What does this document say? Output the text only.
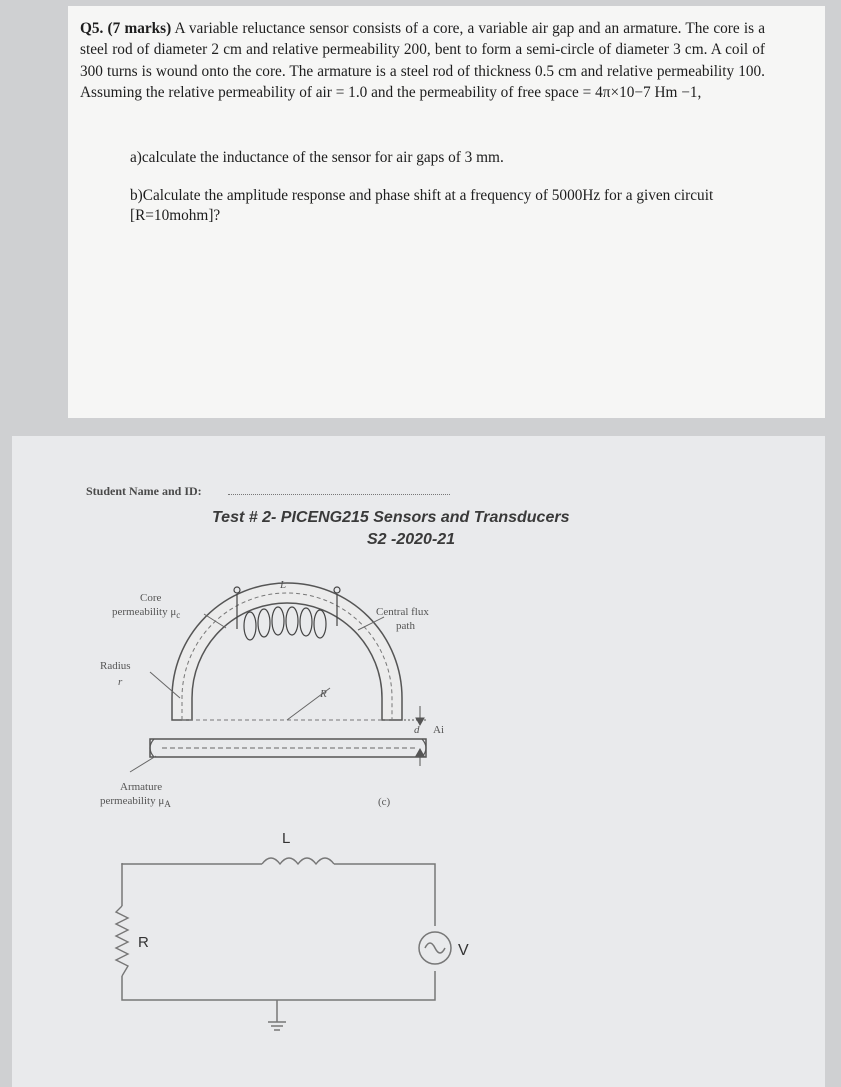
Q5. (7 marks) A variable reluctance sensor consists of a core, a variable air gap and an armature. The core is a steel rod of diameter 2 cm and relative permeability 200, bent to form a semi-circle of diameter 3 cm. A coil of 300 turns is wound onto the core. The armature is a steel rod of thickness 0.5 cm and relative permeability 100. Assuming the relative permeability of air = 1.0 and the permeability of free space = 4π×10−7 Hm −1,

a)calculate the inductance of the sensor for air gaps of 3 mm.

b)Calculate the amplitude response and phase shift at a frequency of 5000Hz for a given circuit [R=10mohm]?

Student Name and ID:
Test # 2- PICENG215 Sensors and Transducers
S2 -2020-21
Core
permeability $\mu_c$
L
Central flux
path
Radius
r
R
d Ai
Armature
permeability $\mu_A$	(c)
L
R	V
